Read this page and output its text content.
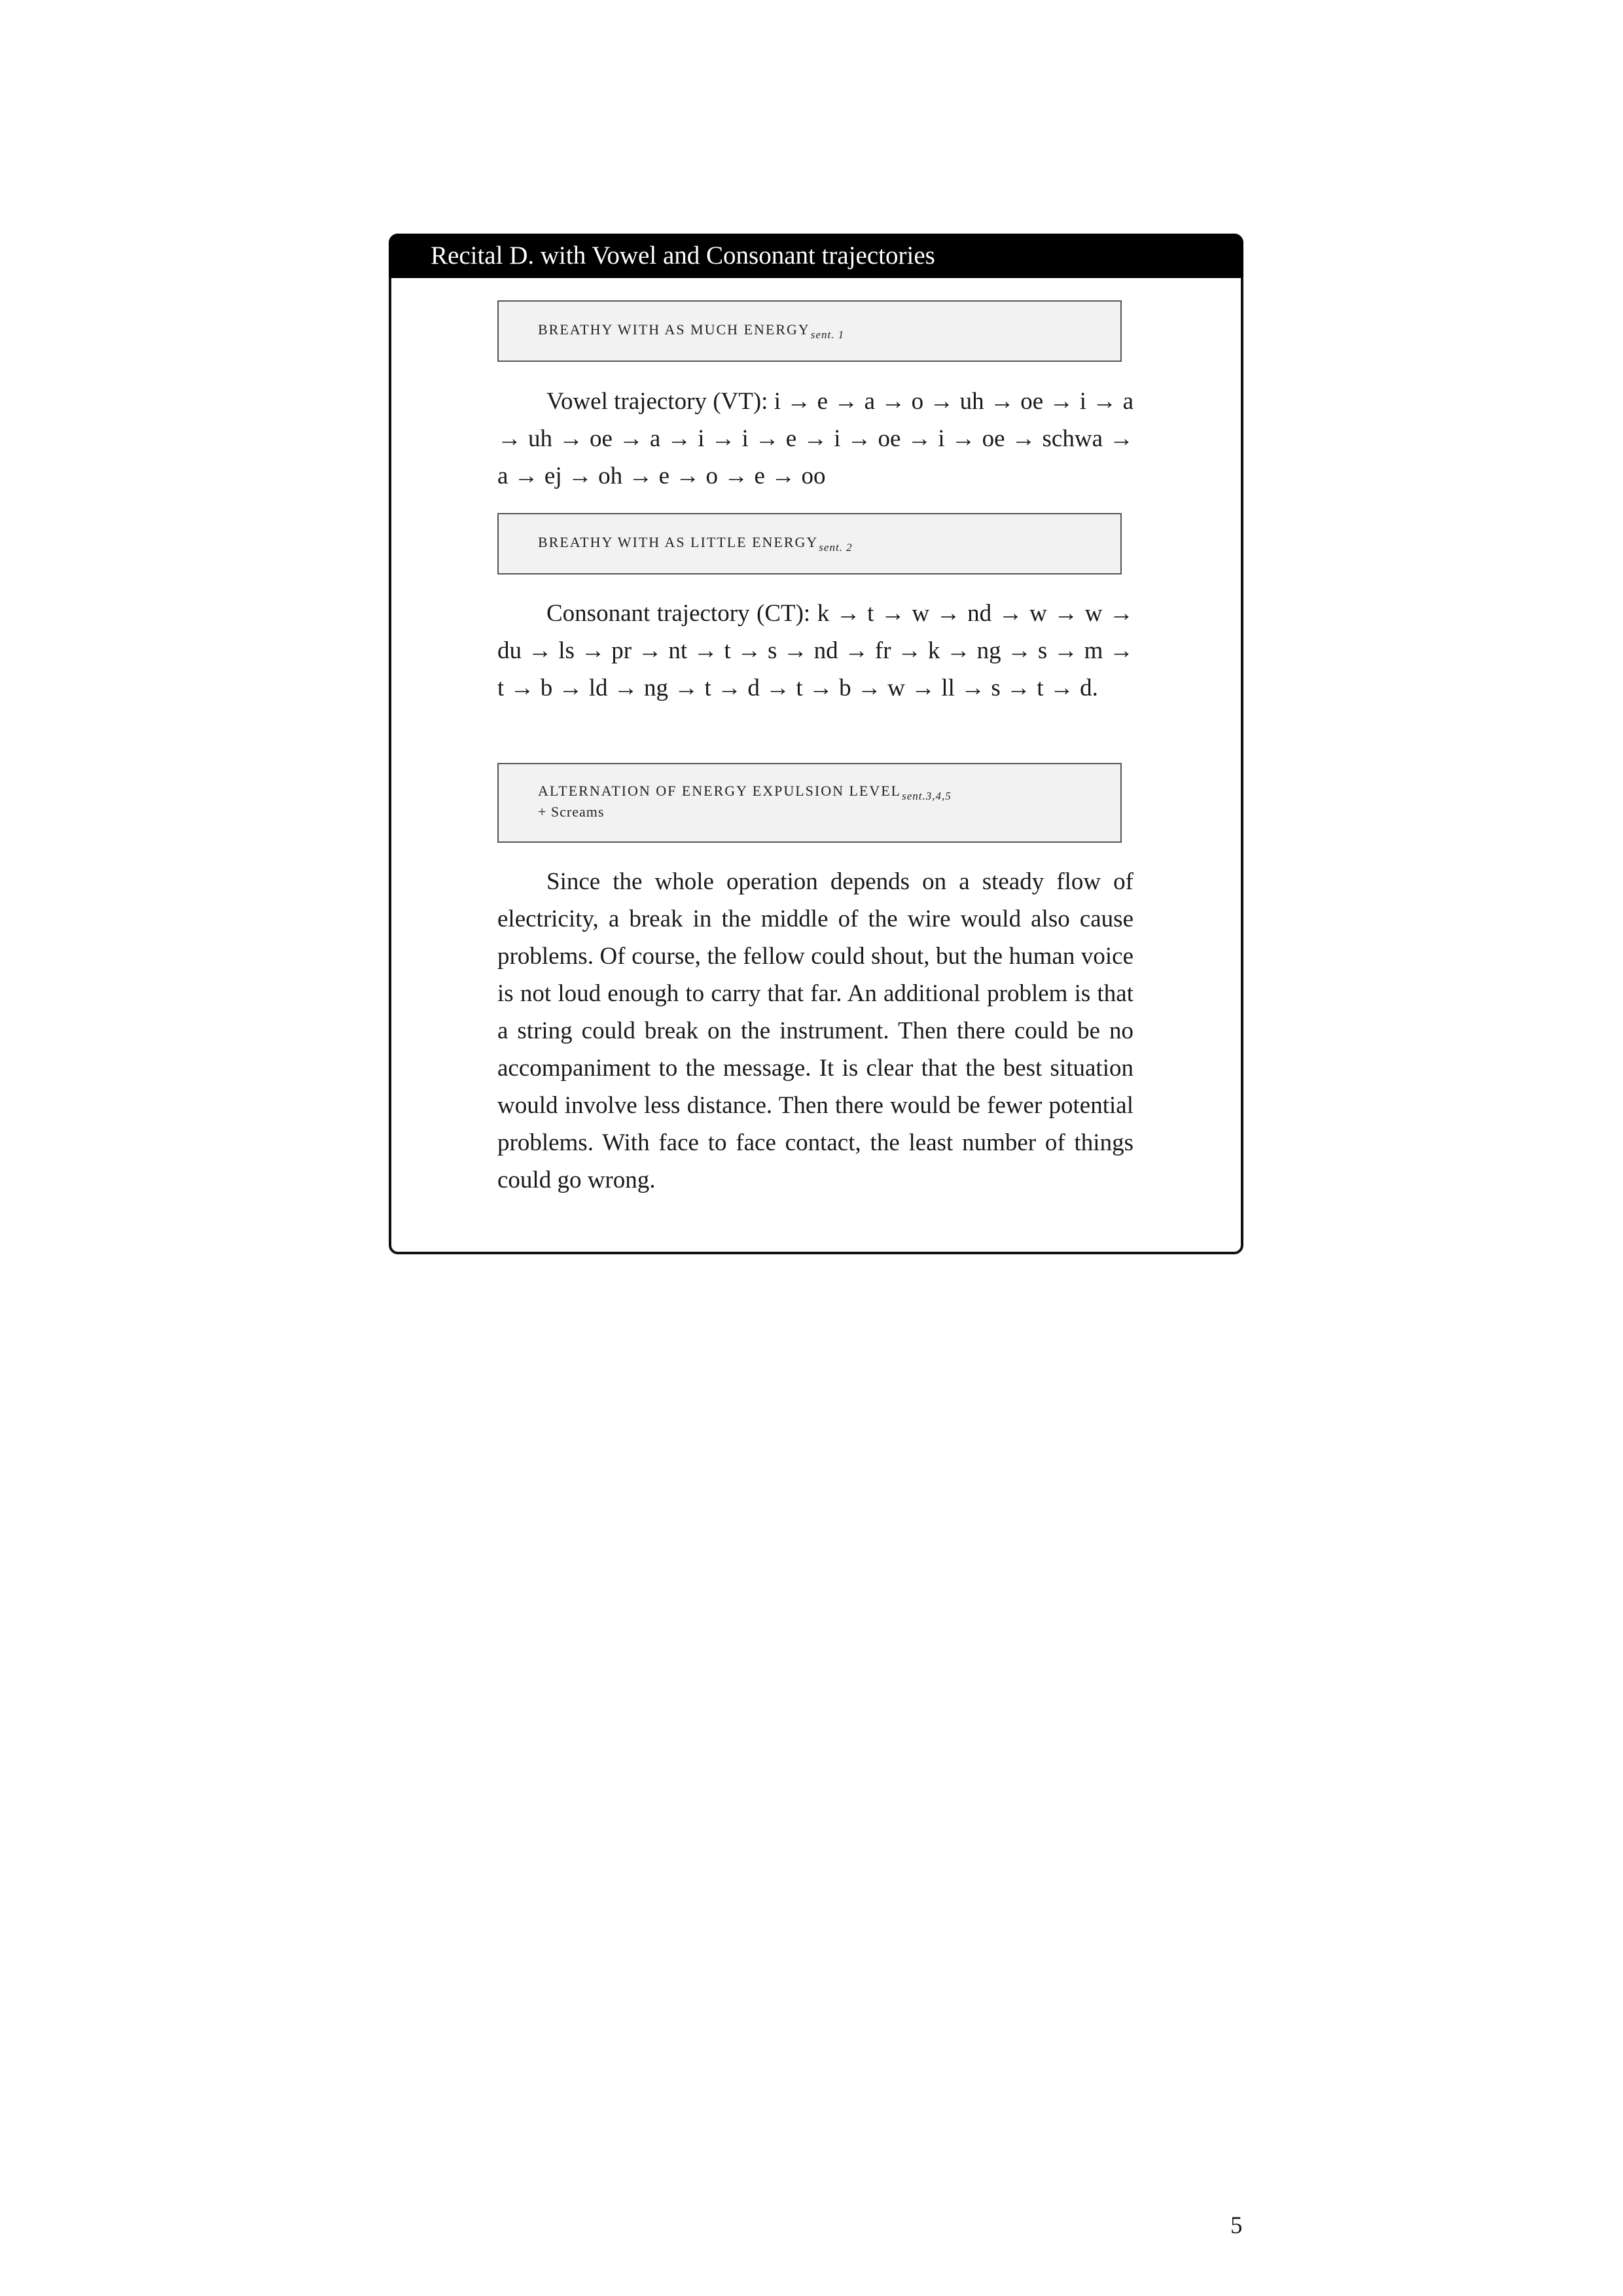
Recital D. with Vowel and Consonant trajectories
BREATHY WITH AS MUCH $ENERGY_{sent. 1}$

Vowel trajectory (VT): i → e → a → o → uh → oe → i → a → uh → oe → a → i → i → e → i → oe → i → oe → schwa → a → ej → oh → e → o → e → oo

BREATHY WITH AS LITTLE $ENERGY_{sent. 2}$

Consonant trajectory (CT): k → t → w → nd → w → w → du → ls → pr → nt → t → s → nd → fr → k → ng → s → m → t → b → ld → ng → t → d → t → b → w → ll → s → t → d.

ALTERNATION OF ENERGY EXPULSION $LEVEL_{sent.3,4,5}$
+ Screams

Since the whole operation depends on a steady flow of electricity, a break in the middle of the wire would also cause problems. Of course, the fellow could shout, but the human voice is not loud enough to carry that far. An additional problem is that a string could break on the instrument. Then there could be no accompaniment to the message. It is clear that the best situation would involve less distance. Then there would be fewer potential problems. With face to face contact, the least number of things could go wrong.

5
